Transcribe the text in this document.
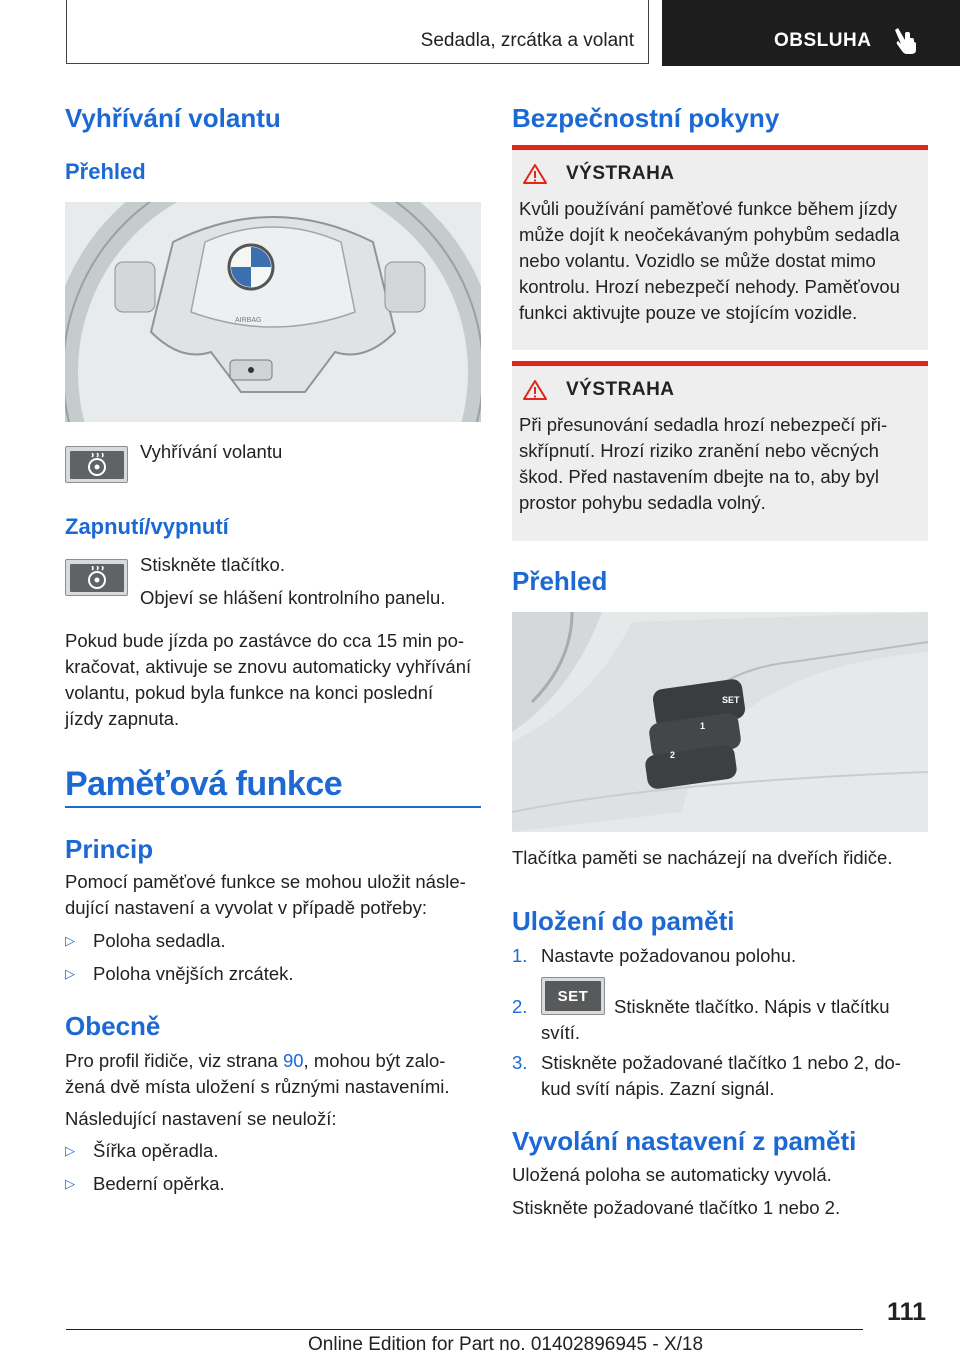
Sedadla, zrcátka a volant	OBSLUHA
Vyhřívání volantu
Přehled
AIRBAG
Vyhřívání volantu
Zapnutí/vypnutí
Stiskněte tlačítko.
Objeví se hlášení kontrolního panelu.
Pokud bude jízda po zastávce do cca 15 min po-
kračovat, aktivuje se znovu automaticky vyhřívání
volantu, pokud byla funkce na konci poslední
jízdy zapnuta.
Paměťová funkce
Princip
Pomocí paměťové funkce se mohou uložit násle-
dující nastavení a vyvolat v případě potřeby:
▷ Poloha sedadla.
▷ Poloha vnějších zrcátek.
Obecně
Pro profil řidiče, viz strana 90, mohou být zalo-
žená dvě místa uložení s různými nastaveními.
Následující nastavení se neuloží:
▷ Šířka opěradla.
▷ Bederní opěrka.
Bezpečnostní pokyny
VÝSTRAHA
Kvůli používání paměťové funkce během jízdy
může dojít k neočekávaným pohybům sedadla
nebo volantu. Vozidlo se může dostat mimo
kontrolu. Hrozí nebezpečí nehody. Paměťovou
funkci aktivujte pouze ve stojícím vozidle.
VÝSTRAHA
Při přesunování sedadla hrozí nebezpečí při-
skřípnutí. Hrozí riziko zranění nebo věcných
škod. Před nastavením dbejte na to, aby byl
prostor pohybu sedadla volný.
Přehled
SET
1
2
Tlačítka paměti se nacházejí na dveřích řidiče.
Uložení do paměti
1. Nastavte požadovanou polohu.
2.	SET	Stiskněte tlačítko. Nápis v tlačítku
svítí.
3. Stiskněte požadované tlačítko 1 nebo 2, do-
kud svítí nápis. Zazní signál.
Vyvolání nastavení z paměti
Uložená poloha se automaticky vyvolá.
Stiskněte požadované tlačítko 1 nebo 2.
111
Online Edition for Part no. 01402896945 - X/18
